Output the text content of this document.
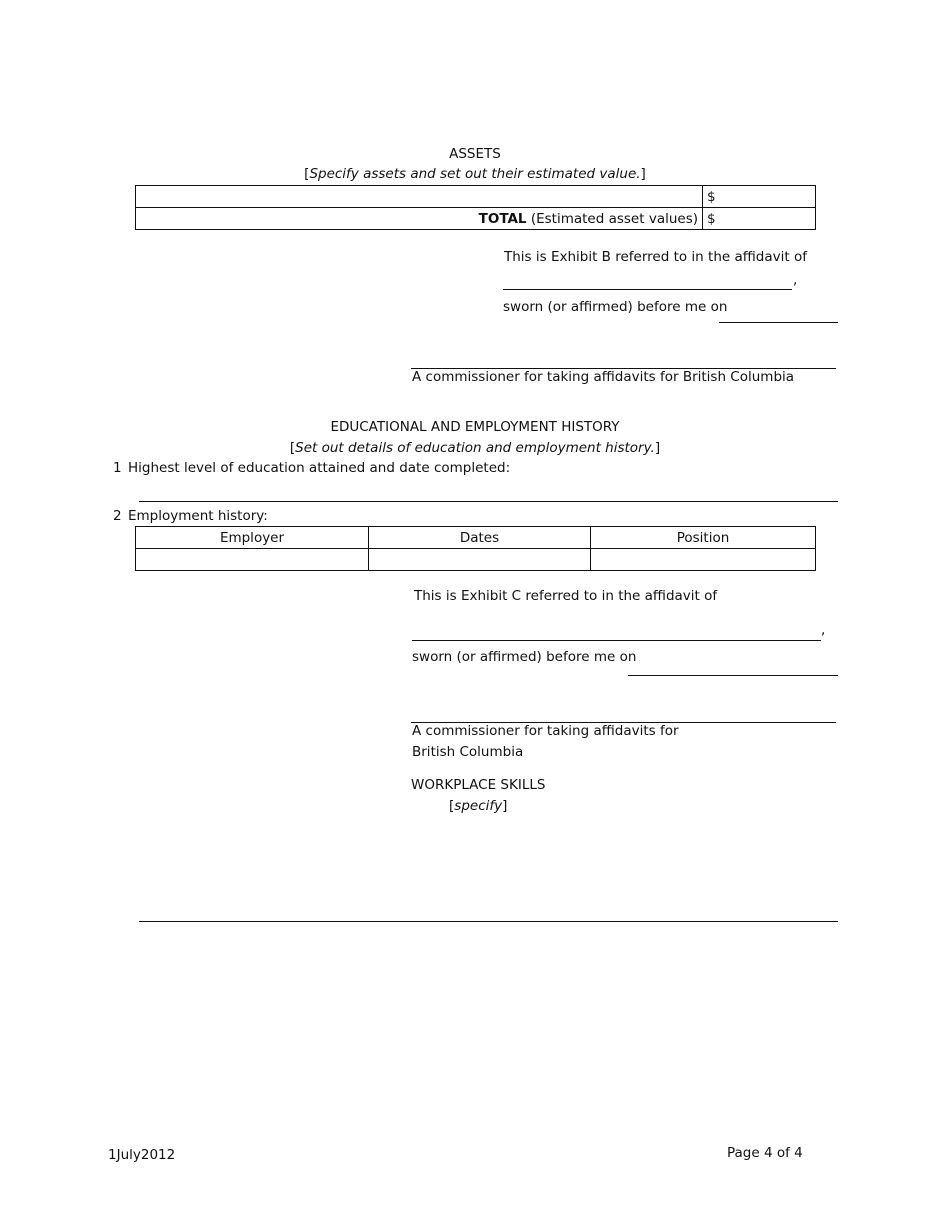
ASSETS
[Specify assets and set out their estimated value.]
	$
TOTAL (Estimated asset values)	$
This is Exhibit B referred to in the affidavit of
,
sworn (or affirmed) before me on
A commissioner for taking affidavits for British Columbia
EDUCATIONAL AND EMPLOYMENT HISTORY
[Set out details of education and employment history.]
1 Highest level of education attained and date completed:
2 Employment history:
Employer	Dates	Position

This is Exhibit C referred to in the affidavit of
,
sworn (or affirmed) before me on
A commissioner for taking affidavits for
British Columbia
WORKPLACE SKILLS
[specify]
1July2012	Page 4 of 4
